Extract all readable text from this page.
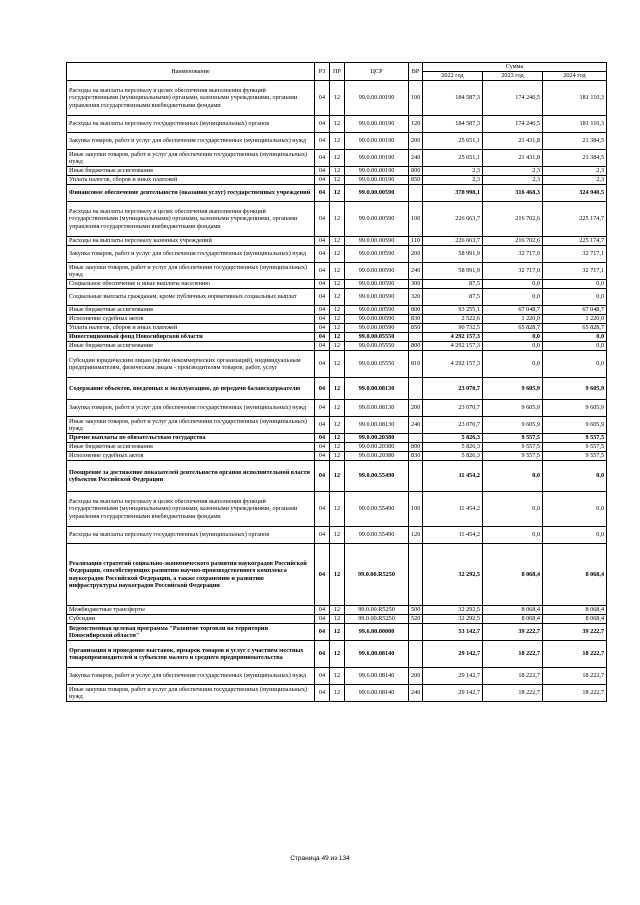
Наименование	РЗ	ПР	ЦСР	ВР	Сумма		
					2022 год	2023 год	2024 год
Расходы на выплаты персоналу в целях обеспечения выполнения функций государственными (муниципальными) органами, казенными учреждениями, органами управления государственными внебюджетными фондами	04	12	99.0.00.00190	100	184 587,3	174 246,5	181 110,3
Расходы на выплаты персоналу государственных (муниципальных) органов	04	12	99.0.00.00190	120	184 587,3	174 246,5	181 110,3
Закупка товаров, работ и услуг для обеспечения государственных (муниципальных) нужд	04	12	99.0.00.00190	200	25 651,1	21 431,8	21 384,5
Иные закупки товаров, работ и услуг для обеспечения государственных (муниципальных) нужд	04	12	99.0.00.00190	240	25 651,1	21 431,8	21 384,5
Иные бюджетные ассигнования	04	12	99.0.00.00190	800	2,3	2,3	2,3
Уплата налогов, сборов и иных платежей	04	12	99.0.00.00190	850	2,3	2,3	2,3
Финансовое обеспечение деятельности (оказания услуг) государственных учреждений	04	12	99.0.00.00590		378 998,1	316 468,3	324 940,5
Расходы на выплаты персоналу в целях обеспечения выполнения функций государственными (муниципальными) органами, казенными учреждениями, органами управления государственными внебюджетными фондами	04	12	99.0.00.00590	100	226 663,7	216 702,6	225 174,7
Расходы на выплаты персоналу казенных учреждений	04	12	99.0.00.00590	110	226 663,7	216 702,6	225 174,7
Закупка товаров, работ и услуг для обеспечения государственных (муниципальных) нужд	04	12	99.0.00.00590	200	58 991,9	32 717,0	32 717,1
Иные закупки товаров, работ и услуг для обеспечения государственных (муниципальных) нужд	04	12	99.0.00.00590	240	58 991,9	32 717,0	32 717,1
Социальное обеспечение и иные выплаты населению	04	12	99.0.00.00590	300	87,5	0,0	0,0
Социальные выплаты гражданам, кроме публичных нормативных социальных выплат	04	12	99.0.00.00590	320	87,5	0,0	0,0
Иные бюджетные ассигнования	04	12	99.0.00.00590	800	93 255,1	67 048,7	67 048,7
Исполнение судебных актов	04	12	99.0.00.00590	830	2 522,6	1 220,0	1 220,0
Уплата налогов, сборов и иных платежей	04	12	99.0.00.00590	850	90 732,5	65 828,7	65 828,7
Инвестиционный фонд Новосибирской области	04	12	99.0.00.05550		4 292 157,3	0,0	0,0
Иные бюджетные ассигнования	04	12	99.0.00.05550	800	4 292 157,3	0,0	0,0
Субсидии юридическим лицам (кроме некоммерческих организаций), индивидуальным предпринимателям, физическим лицам - производителям товаров, работ, услуг	04	12	99.0.00.05550	810	4 292 157,3	0,0	0,0
Содержание объектов, введенных в эксплуатацию, до передачи балансодержателю	04	12	99.0.00.08130		23 070,7	9 605,9	9 605,9
Закупка товаров, работ и услуг для обеспечения государственных (муниципальных) нужд	04	12	99.0.00.08130	200	23 070,7	9 605,9	9 605,9
Иные закупки товаров, работ и услуг для обеспечения государственных (муниципальных) нужд	04	12	99.0.00.08130	240	23 070,7	9 605,9	9 605,9
Прочие выплаты по обязательствам государства	04	12	99.0.00.20380		5 826,3	9 557,5	9 557,5
Иные бюджетные ассигнования	04	12	99.0.00.20380	800	5 826,3	9 557,5	9 557,5
Исполнение судебных актов	04	12	99.0.00.20380	830	5 826,3	9 557,5	9 557,5
Поощрение за достижение показателей деятельности органов исполнительной власти субъектов Российской Федерации	04	12	99.0.00.55490		11 454,2	0,0	0,0
Расходы на выплаты персоналу в целях обеспечения выполнения функций государственными (муниципальными) органами, казенными учреждениями, органами управления государственными внебюджетными фондами	04	12	99.0.00.55490	100	11 454,2	0,0	0,0
Расходы на выплаты персоналу государственных (муниципальных) органов	04	12	99.0.00.55490	120	11 454,2	0,0	0,0
Реализация стратегий социально-экономического развития наукоградов Российской Федерации, способствующих развитию научно-производственного комплекса наукоградов Российской Федерации, а также сохранению и развитию инфраструктуры наукоградов Российской Федерации	04	12	99.0.00.R5250		32 292,5	8 068,4	8 068,4
Межбюджетные трансферты	04	12	99.0.00.R5250	500	32 292,5	8 068,4	8 068,4
Субсидии	04	12	99.0.00.R5250	520	32 292,5	8 068,4	8 068,4
Ведомственная целевая программа "Развитие торговли на территории Новосибирской области"	04	12	99.6.00.00000		53 142,7	39 222,7	39 222,7
Организация и проведение выставок, ярмарок товаров и услуг с участием местных товаропроизводителей и субъектов малого и среднего предпринимательства	04	12	99.6.00.08140		29 142,7	18 222,7	18 222,7
Закупка товаров, работ и услуг для обеспечения государственных (муниципальных) нужд	04	12	99.6.00.08140	200	29 142,7	18 222,7	18 222,7
Иные закупки товаров, работ и услуг для обеспечения государственных (муниципальных) нужд	04	12	99.6.00.08140	240	29 142,7	18 222,7	18 222,7
Страница 49 из 134
